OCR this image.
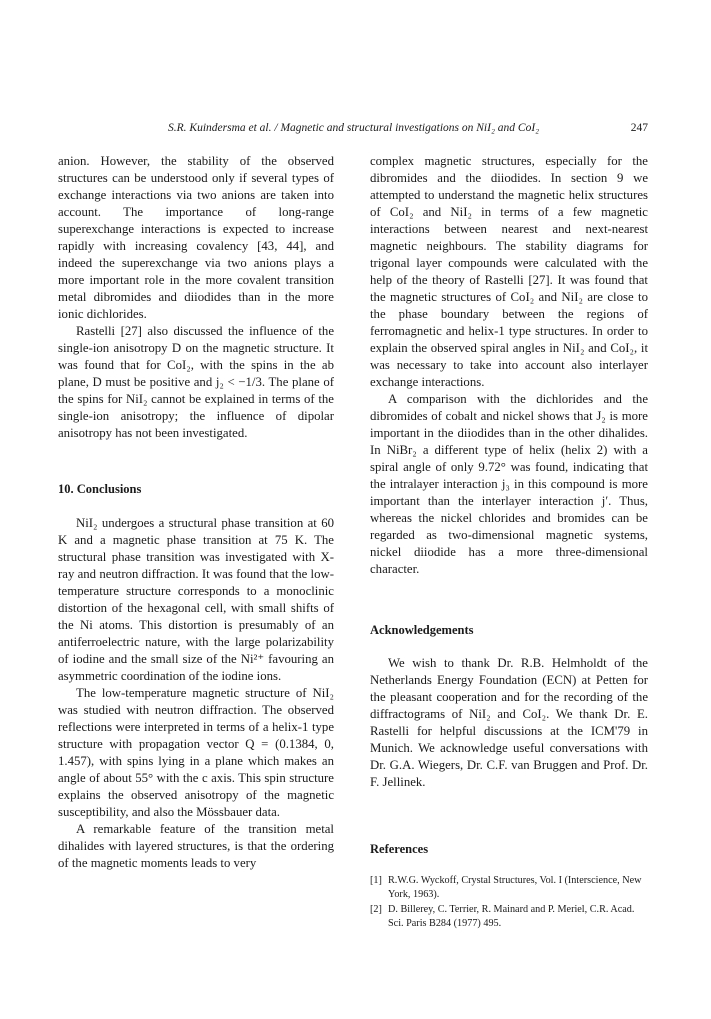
S.R. Kuindersma et al. / Magnetic and structural investigations on NiI₂ and CoI₂	247

anion. However, the stability of the observed structures can be understood only if several types of exchange interactions via two anions are taken into account. The importance of long-range superexchange interactions is expected to increase rapidly with increasing covalency [43, 44], and indeed the superexchange via two anions plays a more important role in the more covalent transition metal dibromides and diiodides than in the more ionic dichlorides.

Rastelli [27] also discussed the influence of the single-ion anisotropy D on the magnetic structure. It was found that for CoI₂, with the spins in the ab plane, D must be positive and j₂ < −1/3. The plane of the spins for NiI₂ cannot be explained in terms of the single-ion anisotropy; the influence of dipolar anisotropy has not been investigated.

10. Conclusions

NiI₂ undergoes a structural phase transition at 60 K and a magnetic phase transition at 75 K. The structural phase transition was investigated with X-ray and neutron diffraction. It was found that the low-temperature structure corresponds to a monoclinic distortion of the hexagonal cell, with small shifts of the Ni atoms. This distortion is presumably of an antiferroelectric nature, with the large polarizability of iodine and the small size of the Ni²⁺ favouring an asymmetric coordination of the iodine ions.

The low-temperature magnetic structure of NiI₂ was studied with neutron diffraction. The observed reflections were interpreted in terms of a helix-1 type structure with propagation vector Q = (0.1384, 0, 1.457), with spins lying in a plane which makes an angle of about 55° with the c axis. This spin structure explains the observed anisotropy of the magnetic susceptibility, and also the Mössbauer data.

A remarkable feature of the transition metal dihalides with layered structures, is that the ordering of the magnetic moments leads to very

complex magnetic structures, especially for the dibromides and the diiodides. In section 9 we attempted to understand the magnetic helix structures of CoI₂ and NiI₂ in terms of a few magnetic interactions between nearest and next-nearest magnetic neighbours. The stability diagrams for trigonal layer compounds were calculated with the help of the theory of Rastelli [27]. It was found that the magnetic structures of CoI₂ and NiI₂ are close to the phase boundary between the regions of ferromagnetic and helix-1 type structures. In order to explain the observed spiral angles in NiI₂ and CoI₂, it was necessary to take into account also interlayer exchange interactions.

A comparison with the dichlorides and the dibromides of cobalt and nickel shows that J₂ is more important in the diiodides than in the other dihalides. In NiBr₂ a different type of helix (helix 2) with a spiral angle of only 9.72° was found, indicating that the intralayer interaction j₃ in this compound is more important than the interlayer interaction j′. Thus, whereas the nickel chlorides and bromides can be regarded as two-dimensional magnetic systems, nickel diiodide has a more three-dimensional character.

Acknowledgements

We wish to thank Dr. R.B. Helmholdt of the Netherlands Energy Foundation (ECN) at Petten for the pleasant cooperation and for the recording of the diffractograms of NiI₂ and CoI₂. We thank Dr. E. Rastelli for helpful discussions at the ICM'79 in Munich. We acknowledge useful conversations with Dr. G.A. Wiegers, Dr. C.F. van Bruggen and Prof. Dr. F. Jellinek.

References

[1] R.W.G. Wyckoff, Crystal Structures, Vol. I (Interscience, New York, 1963).
[2] D. Billerey, C. Terrier, R. Mainard and P. Meriel, C.R. Acad. Sci. Paris B284 (1977) 495.
